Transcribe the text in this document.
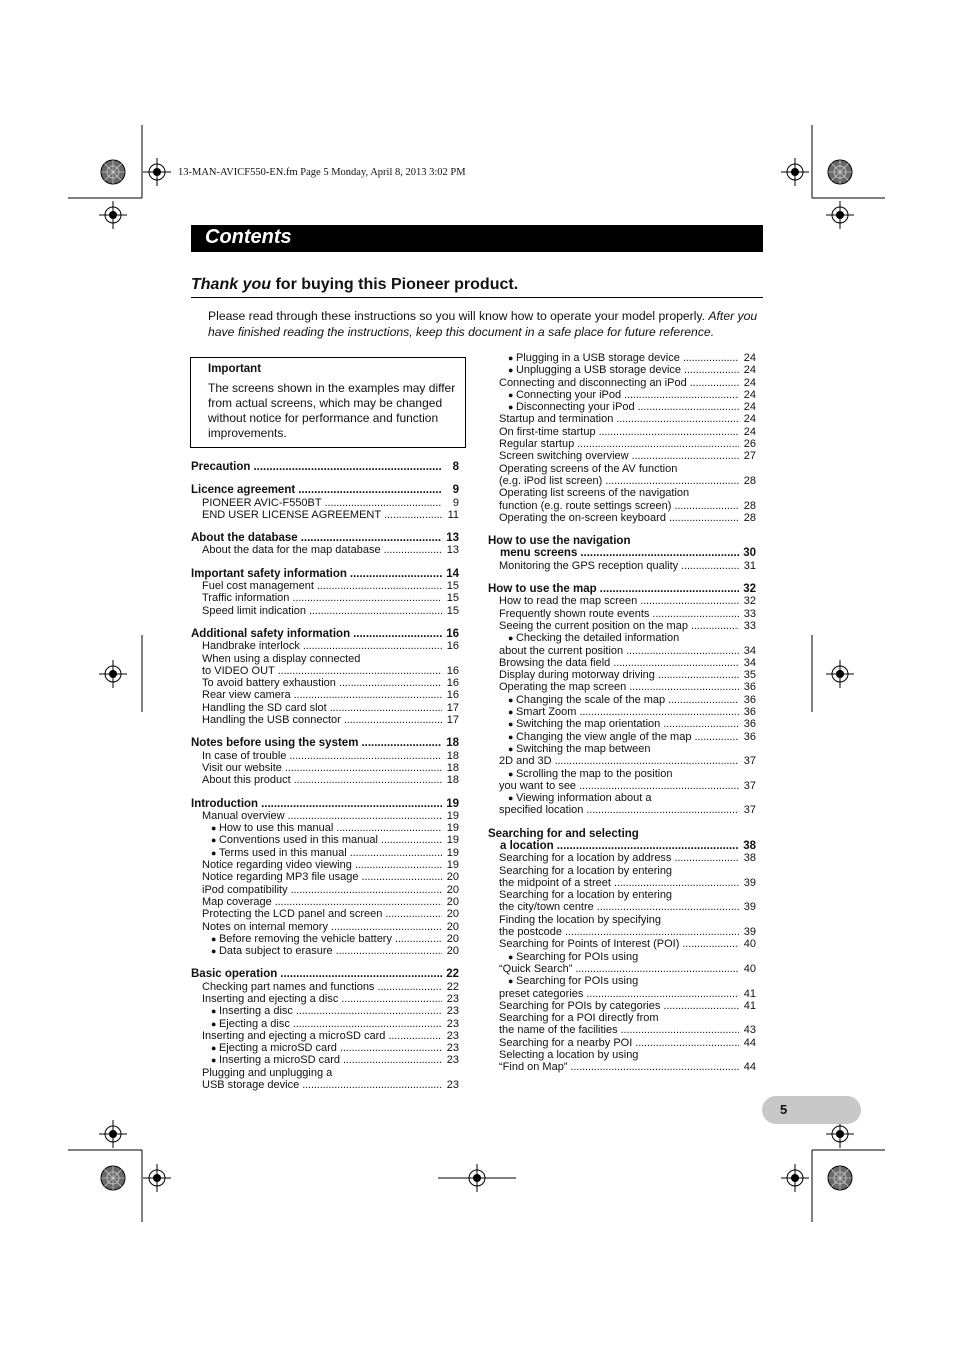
13-MAN-AVICF550-EN.fm Page 5 Monday, April 8, 2013 3:02 PM
Contents
Thank you for buying this Pioneer product.
Please read through these instructions so you will know how to operate your model properly. After you have finished reading the instructions, keep this document in a safe place for future reference.
Important
The screens shown in the examples may differ from actual screens, which may be changed without notice for performance and function improvements.
Precaution . . .	8
Licence agreement . . .	9
PIONEER AVIC-F550BT . . .	9
END USER LICENSE AGREEMENT . . .	11
About the database . . .	13
About the data for the map database . . .	13
Important safety information . . .	14
Fuel cost management . . .	15
Traffic information . . .	15
Speed limit indication . . .	15
Additional safety information . . .	16
Handbrake interlock . . .	16
When using a display connected
to VIDEO OUT . . .	16
To avoid battery exhaustion . . .	16
Rear view camera . . .	16
Handling the SD card slot . . .	17
Handling the USB connector . . .	17
Notes before using the system . . .	18
In case of trouble . . .	18
Visit our website . . .	18
About this product . . .	18
Introduction . . .	19
Manual overview . . .	19
● How to use this manual . . .	19
● Conventions used in this manual . . .	19
● Terms used in this manual . . .	19
Notice regarding video viewing . . .	19
Notice regarding MP3 file usage . . .	20
iPod compatibility . . .	20
Map coverage . . .	20
Protecting the LCD panel and screen . . .	20
Notes on internal memory . . .	20
● Before removing the vehicle battery . . .	20
● Data subject to erasure . . .	20
Basic operation . . .	22
Checking part names and functions . . .	22
Inserting and ejecting a disc . . .	23
● Inserting a disc . . .	23
● Ejecting a disc . . .	23
Inserting and ejecting a microSD card . . .	23
● Ejecting a microSD card . . .	23
● Inserting a microSD card . . .	23
Plugging and unplugging a
USB storage device . . .	23
● Plugging in a USB storage device . . .	24
● Unplugging a USB storage device . . .	24
Connecting and disconnecting an iPod . . .	24
● Connecting your iPod . . .	24
● Disconnecting your iPod . . .	24
Startup and termination . . .	24
On first-time startup . . .	24
Regular startup . . .	26
Screen switching overview . . .	27
Operating screens of the AV function
(e.g. iPod list screen) . . .	28
Operating list screens of the navigation
function (e.g. route settings screen) . . .	28
Operating the on-screen keyboard . . .	28
How to use the navigation
menu screens . . .	30
Monitoring the GPS reception quality . . .	31
How to use the map . . .	32
How to read the map screen . . .	32
Frequently shown route events . . .	33
Seeing the current position on the map . . .	33
● Checking the detailed information
about the current position . . .	34
Browsing the data field . . .	34
Display during motorway driving . . .	35
Operating the map screen . . .	36
● Changing the scale of the map . . .	36
● Smart Zoom . . .	36
● Switching the map orientation . . .	36
● Changing the view angle of the map . . .	36
● Switching the map between
2D and 3D . . .	37
● Scrolling the map to the position
you want to see . . .	37
● Viewing information about a
specified location . . .	37
Searching for and selecting
a location . . .	38
Searching for a location by address . . .	38
Searching for a location by entering
the midpoint of a street . . .	39
Searching for a location by entering
the city/town centre . . .	39
Finding the location by specifying
the postcode . . .	39
Searching for Points of Interest (POI) . . .	40
● Searching for POIs using
“Quick Search” . . .	40
● Searching for POIs using
preset categories . . .	41
Searching for POIs by categories . . .	41
Searching for a POI directly from
the name of the facilities . . .	43
Searching for a nearby POI . . .	44
Selecting a location by using
“Find on Map” . . .	44
5
